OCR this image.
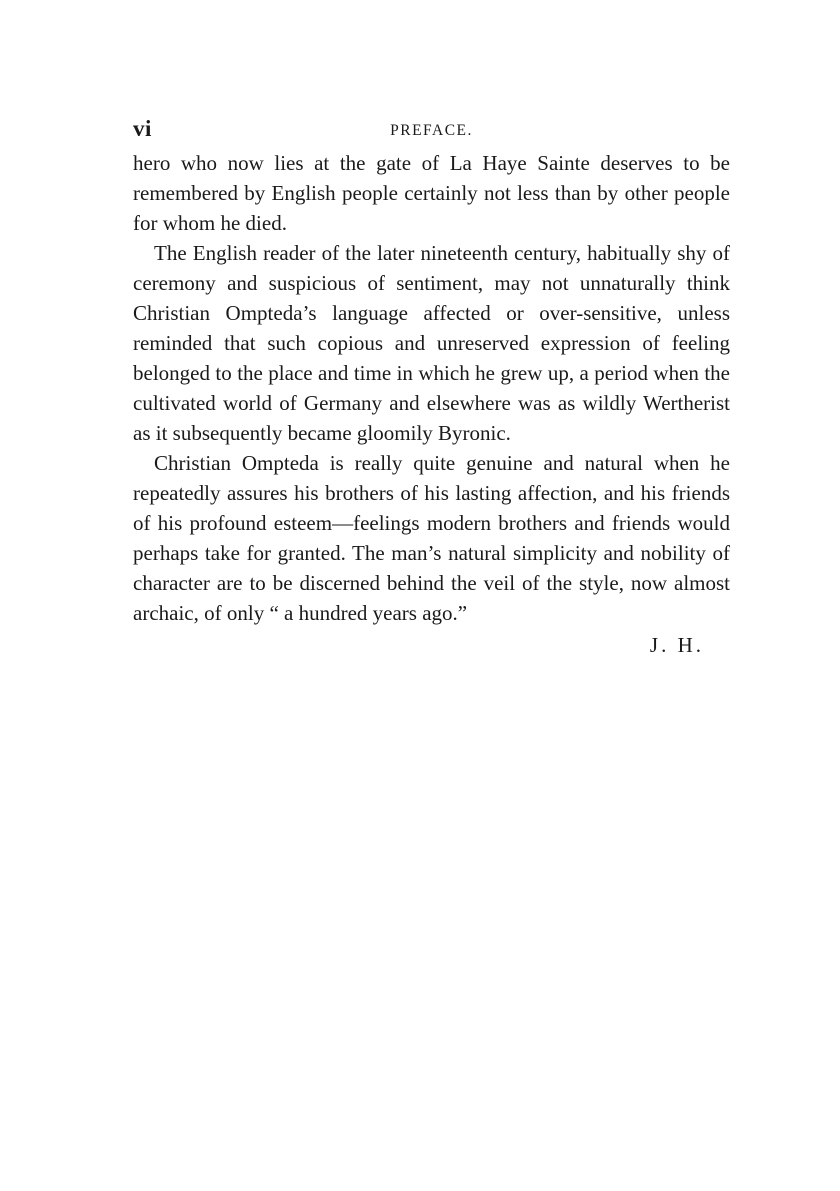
vi	PREFACE.

hero who now lies at the gate of La Haye Sainte deserves to be remembered by English people certainly not less than by other people for whom he died.

The English reader of the later nineteenth century, habitually shy of ceremony and suspicious of sentiment, may not unnaturally think Christian Ompteda’s language affected or over-sensitive, unless reminded that such copious and unreserved expression of feeling belonged to the place and time in which he grew up, a period when the cultivated world of Germany and elsewhere was as wildly Wertherist as it subsequently became gloomily Byronic.

Christian Ompteda is really quite genuine and natural when he repeatedly assures his brothers of his lasting affection, and his friends of his profound esteem—feelings modern brothers and friends would perhaps take for granted. The man’s natural simplicity and nobility of character are to be discerned behind the veil of the style, now almost archaic, of only “ a hundred years ago.”

J. H.
